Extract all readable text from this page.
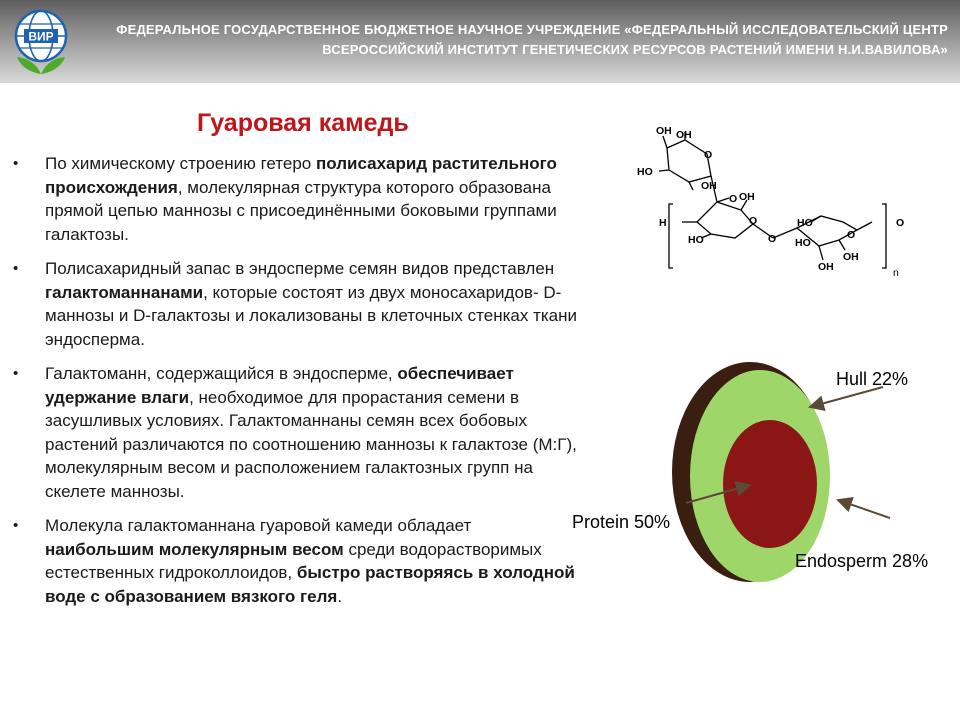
ВИР	ФЕДЕРАЛЬНОЕ ГОСУДАРСТВЕННОЕ БЮДЖЕТНОЕ НАУЧНОЕ УЧРЕЖДЕНИЕ «ФЕДЕРАЛЬНЫЙ ИССЛЕДОВАТЕЛЬСКИЙ ЦЕНТР
ВСЕРОССИЙСКИЙ ИНСТИТУТ ГЕНЕТИЧЕСКИХ РЕСУРСОВ РАСТЕНИЙ ИМЕНИ Н.И.ВАВИЛОВА»
Гуаровая камедь
• По химическому строению гетеро полисахарид растительного происхождения, молекулярная структура которого образована прямой цепью маннозы с присоединёнными боковыми группами галактозы.
• Полисахаридный запас в эндосперме семян видов представлен галактоманнанами, которые состоят из двух моносахаридов- D-маннозы и D-галактозы и локализованы в клеточных стенках ткани эндосперма.
• Галактоманн, содержащийся в эндосперме, обеспечивает удержание влаги, необходимое для прорастания семени в засушливых условиях. Галактоманнаны семян всех бобовых растений различаются по соотношению маннозы к галактозе (М:Г), молекулярным весом и расположением галактозных групп на скелете маннозы.
• Молекула галактоманнана гуаровой камеди обладает наибольшим молекулярным весом среди водорастворимых естественных гидроколлоидов, быстро растворяясь в холодной воде с образованием вязкого геля.
OH OH
HO
OH
O
O OH
O
H
HO
HO
O HO
O
O
OH
OH	n
Hull 22%
Protein 50%
Endosperm 28%
